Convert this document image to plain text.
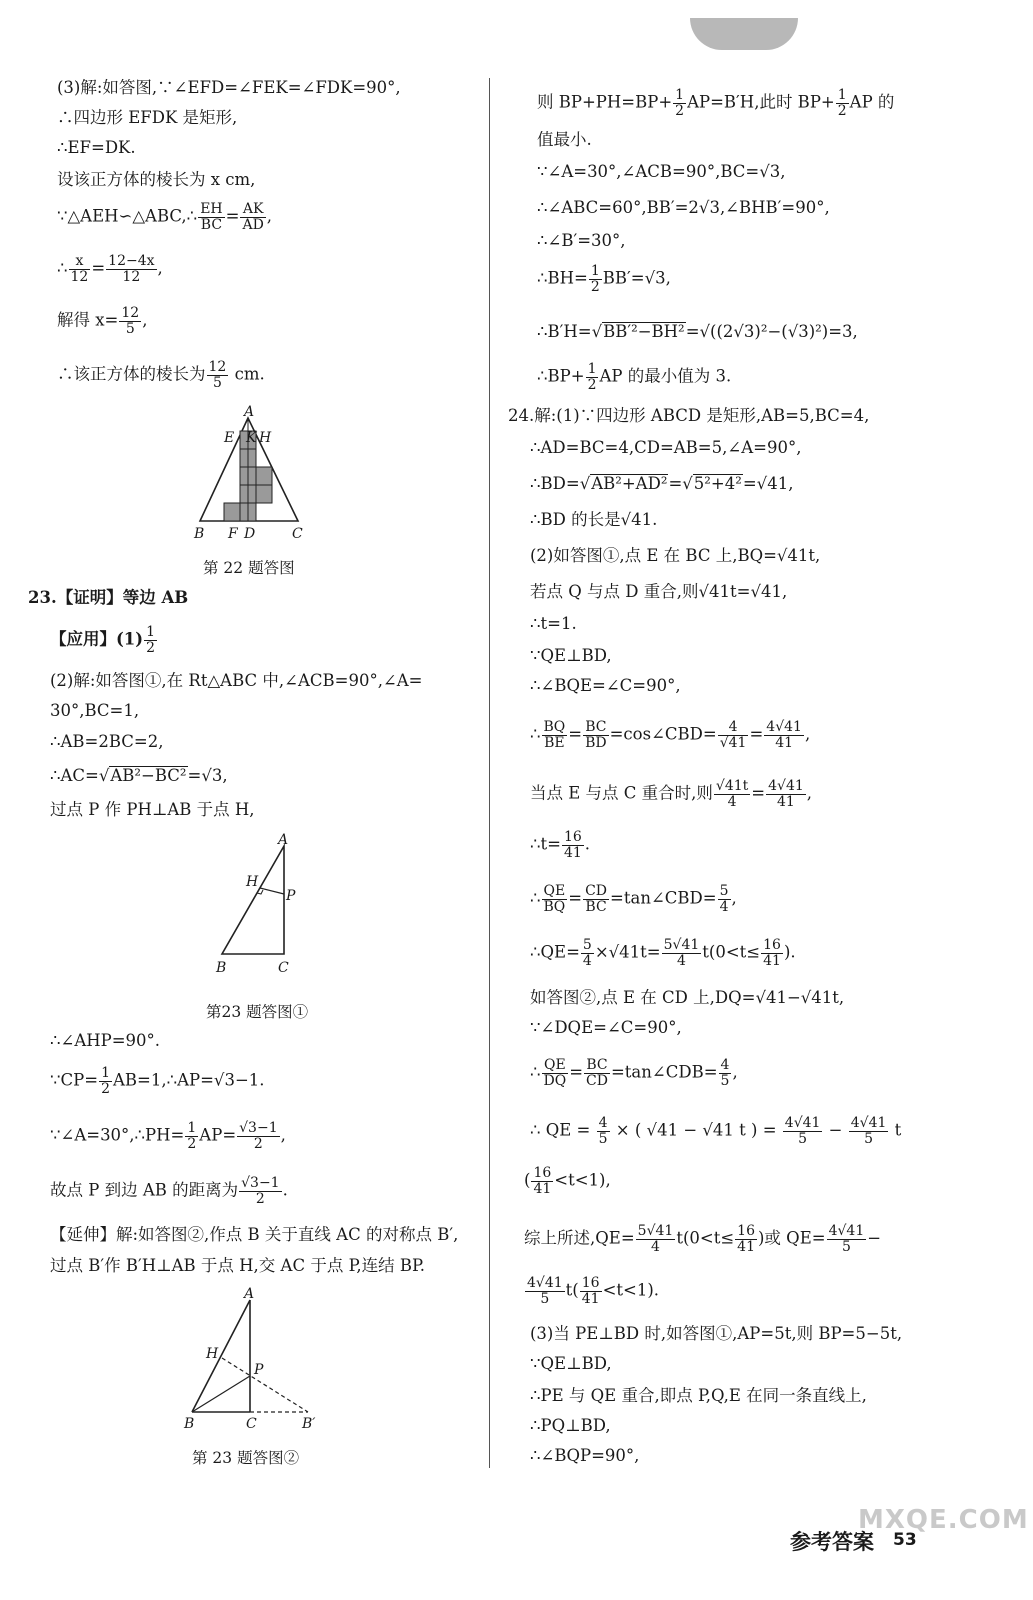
(3)解:如答图,∵∠EFD=∠FEK=∠FDK=90°,
∴四边形 EFDK 是矩形,
∴EF=DK.
设该正方体的棱长为 x cm,
∵△AEH∽△ABC,∴ $\frac{EH}{BC} = \frac{AK}{AD}$ ,
∴ $\frac{x}{12} = \frac{12-4x}{12}$ ,
解得 $x= \frac{12}{5}$ ,
∴该正方体的棱长为 $\frac{12}{5}$ cm.
A
E K H
B F D	C
第 22 题答图
23.【证明】等边 AB
【应用】$(1) \frac{1}{2}$
(2)解:如答图①,在 Rt△ABC 中,∠ACB=90°,∠A=
30°,BC=1,
∴AB=2BC=2,
∴AC=√AB²−BC²=√3,
过点 P 作 PH⊥AB 于点 H,
A
H
P
B	C
第23 题答图①
∴∠AHP=90°.
∵CP= $\frac{1}{2}$ AB=1,∴AP=√3−1.
∵∠A=30°,∴PH= $\frac{1}{2} AP= \frac{√3-1}{2}$ ,
故点 P 到边 AB 的距离为 $\frac{√3-1}{2}$ .
【延伸】解:如答图②,作点 B 关于直线 AC 的对称点 B′,
过点 B′作 B′H⊥AB 于点 H,交 AC 于点 P,连结 BP.
A
H
P
B	C	B′
第 23 题答图②
则 $BP+PH=BP+ \frac{1}{2} AP=B'H$,此时 $BP+ \frac{1}{2}$ AP 的
值最小.
∵∠A=30°,∠ACB=90°,BC=√3,
∴∠ABC=60°,BB′=2√3,∠BHB′=90°,
∴∠B′=30°,
∴BH= $\frac{1}{2} BB'=√3$,
∴B′H=√BB′²−BH²=√((2√3)²−(√3)²)=3,
∴BP+ $\frac{1}{2}$ AP 的最小值为 3.
24.解:(1)∵四边形 ABCD 是矩形,AB=5,BC=4,
∴AD=BC=4,CD=AB=5,∠A=90°,
∴BD=√AB²+AD²=√5²+4²=√41,
∴BD 的长是√41.
(2)如答图①,点 E 在 BC 上,BQ=√41t,
若点 Q 与点 D 重合,则√41t=√41,
∴t=1.
∵QE⊥BD,
∴∠BQE=∠C=90°,
∴ $\frac{BQ}{BE} = \frac{BC}{BD}$ =cos∠CBD= $\frac{4}{√41} = \frac{4√41}{41}$ ,
当点 E 与点 C 重合时,则 $\frac{√41t}{4} = \frac{4√41}{41}$ ,
∴t= $\frac{16}{41}$ .
∴ $\frac{QE}{BQ} = \frac{CD}{BC}$ =tan∠CBD= $\frac{5}{4}$ ,
∴QE= $\frac{5}{4} \times√41t= \frac{5√41}{4} t(0<t\le \frac{16}{41}$ ).
如答图②,点 E 在 CD 上,DQ=√41−√41t,
∵∠DQE=∠C=90°,
∴ $\frac{QE}{DQ} = \frac{BC}{CD}$ =tan∠CDB= $\frac{4}{5}$ ,
∴ QE = $\frac{4}{5}$ × ( √41 − √41 t ) = $\frac{4√41}{5} - \frac{4√41}{5}$ t
( $\frac{16}{41} <t<1$),
综上所述$,QE= \frac{5√41}{4} t(0<t\le \frac{16}{41}$ )或 $QE= \frac{4√41}{5}$ −
$\frac{4√41}{5} t( \frac{16}{41} <t<1)$.
(3)当 PE⊥BD 时,如答图①,AP=5t,则 BP=5−5t,
∵QE⊥BD,
∴PE 与 QE 重合,即点 P,Q,E 在同一条直线上,
∴PQ⊥BD,
∴∠BQP=90°,
MXQE.COM
参考答案 53
